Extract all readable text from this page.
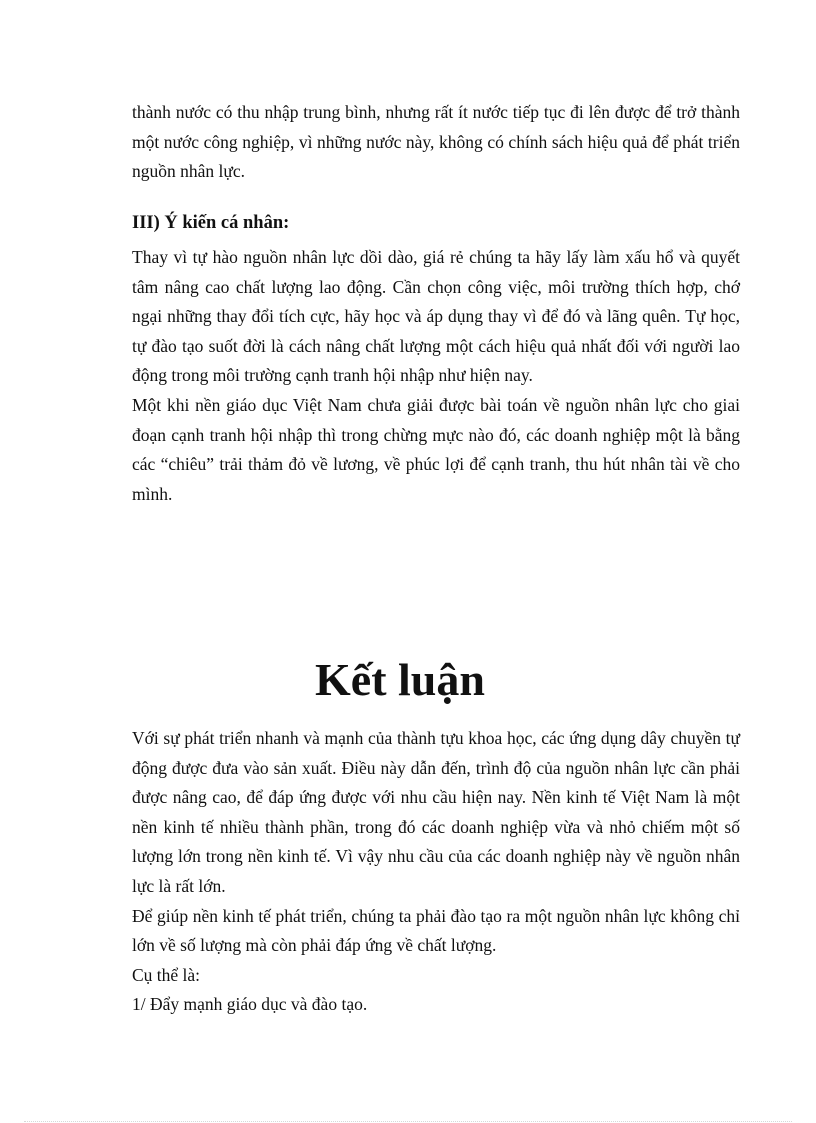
thành nước có thu nhập trung bình, nhưng rất ít nước tiếp tục đi lên được để trở thành một nước công nghiệp, vì những nước này, không có chính sách hiệu quả để phát triển nguồn nhân lực.

III) Ý kiến cá nhân:

Thay vì tự hào nguồn nhân lực dồi dào, giá rẻ chúng ta hãy lấy làm xấu hổ và quyết tâm nâng cao chất lượng lao động. Cần chọn công việc, môi trường thích hợp, chớ ngại những thay đổi tích cực, hãy học và áp dụng thay vì để đó và lãng quên. Tự học, tự đào tạo suốt đời là cách nâng chất lượng một cách hiệu quả nhất đối với người lao động trong môi trường cạnh tranh hội nhập như hiện nay.

Một khi nền giáo dục Việt Nam chưa giải được bài toán về nguồn nhân lực cho giai đoạn cạnh tranh hội nhập thì trong chừng mực nào đó, các doanh nghiệp một là bằng các “chiêu” trải thảm đỏ về lương, về phúc lợi để cạnh tranh, thu hút nhân tài về cho mình.

Kết luận

Với sự phát triển nhanh và mạnh của thành tựu khoa học, các ứng dụng dây chuyền tự động được đưa vào sản xuất. Điều này dẫn đến, trình độ của nguồn nhân lực cần phải được nâng cao, để đáp ứng được với nhu cầu hiện nay. Nền kinh tế Việt Nam là một nền kinh tế nhiều thành phần, trong đó các doanh nghiệp vừa và nhỏ chiếm một số lượng lớn trong nền kinh tế. Vì vậy nhu cầu của các doanh nghiệp này về nguồn nhân lực là rất lớn.

Để giúp nền kinh tế phát triển, chúng ta phải đào tạo ra một nguồn nhân lực không chỉ lớn về số lượng mà còn phải đáp ứng về chất lượng.

Cụ thể là:

1/ Đẩy mạnh giáo dục và đào tạo.
